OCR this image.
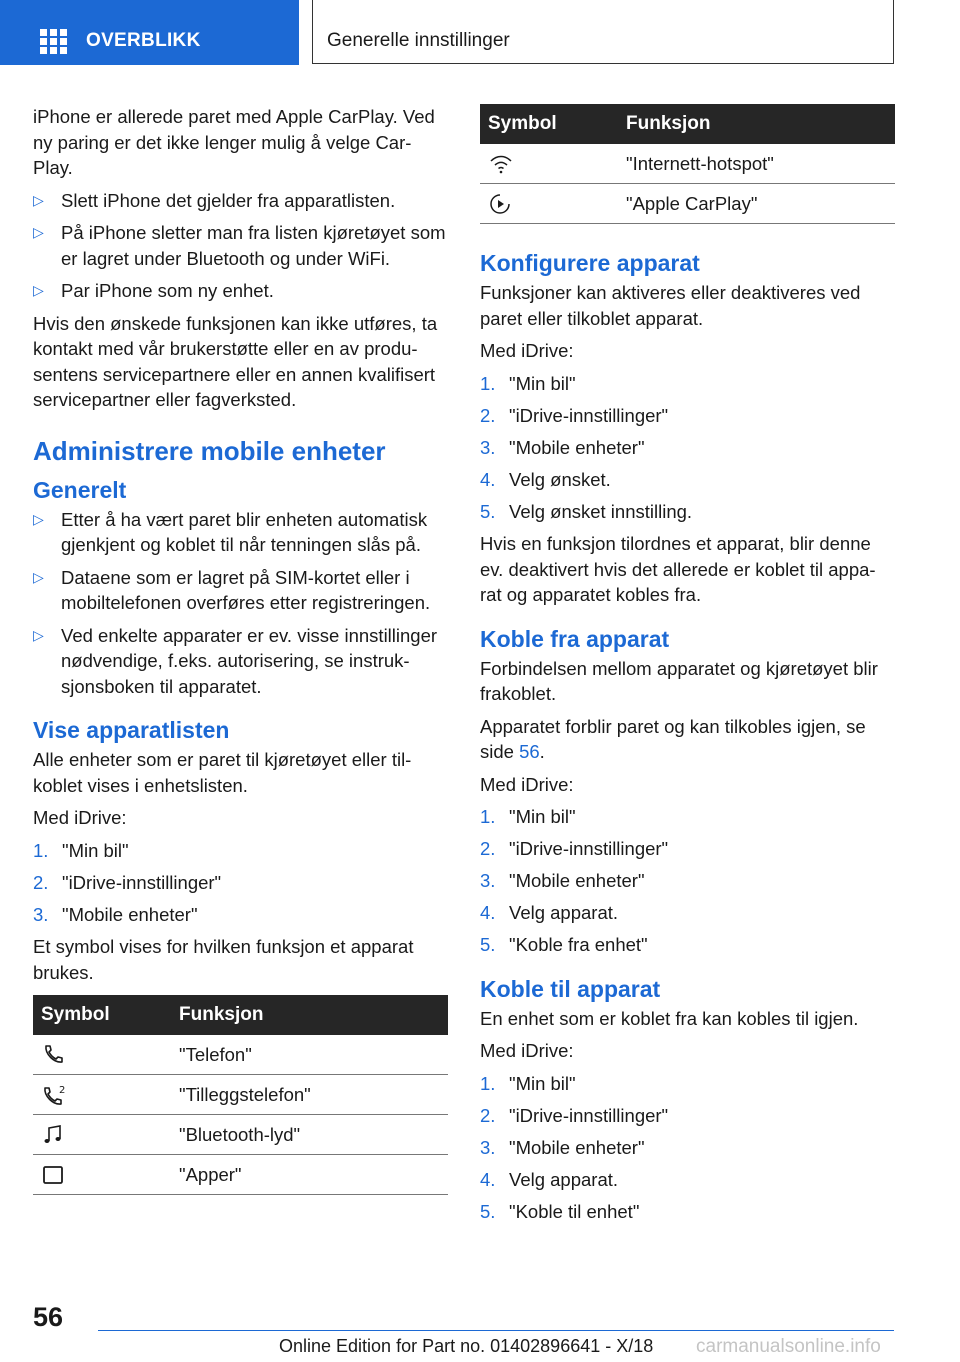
OVERBLIKK	Generelle innstillinger

iPhone er allerede paret med Apple CarPlay. Ved ny paring er det ikke lenger mulig å velge Car-Play.

▷ Slett iPhone det gjelder fra apparatlisten.
▷ På iPhone sletter man fra listen kjøretøyet som er lagret under Bluetooth og under WiFi.
▷ Par iPhone som ny enhet.

Hvis den ønskede funksjonen kan ikke utføres, ta kontakt med vår brukerstøtte eller en av produ-sentens servicepartnere eller en annen kvalifisert servicepartner eller fagverksted.

Administrere mobile enheter
Generelt
▷ Etter å ha vært paret blir enheten automatisk gjenkjent og koblet til når tenningen slås på.
▷ Dataene som er lagret på SIM-kortet eller i mobiltelefonen overføres etter registreringen.
▷ Ved enkelte apparater er ev. visse innstillinger nødvendige, f.eks. autorisering, se instruk-sjonsboken til apparatet.
Vise apparatlisten

Alle enheter som er paret til kjøretøyet eller til-koblet vises i enhetslisten.

Med iDrive:

1. "Min bil"
2. "iDrive-innstillinger"
3. "Mobile enheter"

Et symbol vises for hvilken funksjon et apparat brukes.

Symbol	Funksjon

	"Telefon"

2	"Tilleggstelefon"

	"Bluetooth-lyd"

	"Apper"
Symbol	Funksjon

	"Internett-hotspot"

	"Apple CarPlay"
Konfigurere apparat

Funksjoner kan aktiveres eller deaktiveres ved paret eller tilkoblet apparat.

Med iDrive:

1. "Min bil"
2. "iDrive-innstillinger"
3. "Mobile enheter"
4. Velg ønsket.
5. Velg ønsket innstilling.

Hvis en funksjon tilordnes et apparat, blir denne ev. deaktivert hvis det allerede er koblet til appa-rat og apparatet kobles fra.

Koble fra apparat

Forbindelsen mellom apparatet og kjøretøyet blir frakoblet.

Apparatet forblir paret og kan tilkobles igjen, se side 56.

Med iDrive:

1. "Min bil"
2. "iDrive-innstillinger"
3. "Mobile enheter"
4. Velg apparat.
5. "Koble fra enhet"
Koble til apparat

En enhet som er koblet fra kan kobles til igjen.

Med iDrive:

1. "Min bil"
2. "iDrive-innstillinger"
3. "Mobile enheter"
4. Velg apparat.
5. "Koble til enhet"
56
Online Edition for Part no. 01402896641 - X/18 carmanualsonline.info
